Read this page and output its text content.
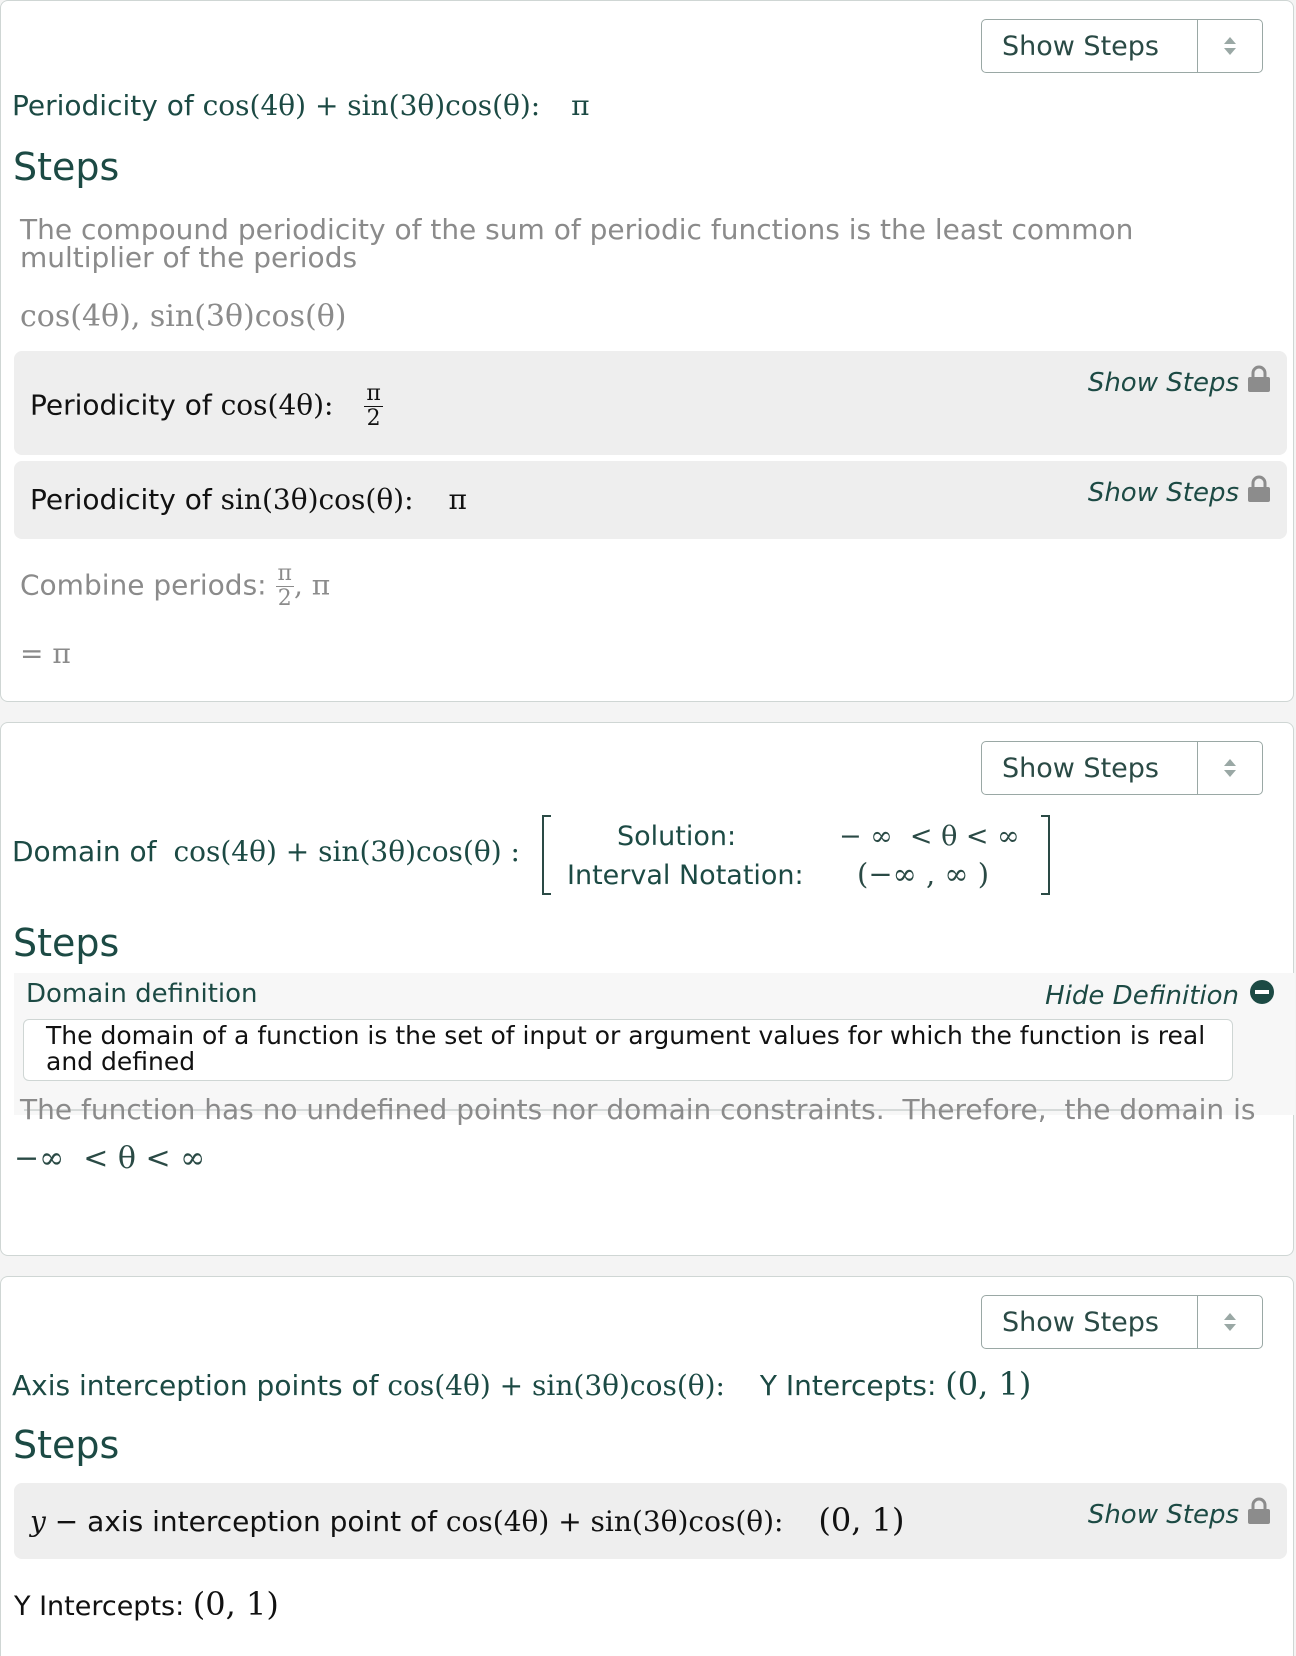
Show Steps
Periodicity of cos(4θ) + sin(3θ)cos(θ): π
Steps
The compound periodicity of the sum of periodic functions is the least common multiplier of the periods
cos(4θ), sin(3θ)cos(θ)
Periodicity of cos(4θ): $\frac{\pi}{2}$
Show Steps
Periodicity of sin(3θ)cos(θ): π	Show Steps
Combine periods: $\frac{\pi}{2}$ , π
= π
Show Steps
Domain of cos(4θ) + sin(3θ)cos(θ) :	Solution:	− ∞  < θ < ∞
Interval Notation: (−∞ , ∞ )
Steps
Domain definition	Hide Definition
The domain of a function is the set of input or argument values for which the function is real and defined
The function has no undefined points nor domain constraints.  Therefore,  the domain is
−∞  < θ < ∞
Show Steps
Axis interception points of cos(4θ) + sin(3θ)cos(θ): Y Intercepts: (0, 1)
Steps
y − axis interception point of cos(4θ) + sin(3θ)cos(θ): (0, 1)	Show Steps
Y Intercepts: (0, 1)
